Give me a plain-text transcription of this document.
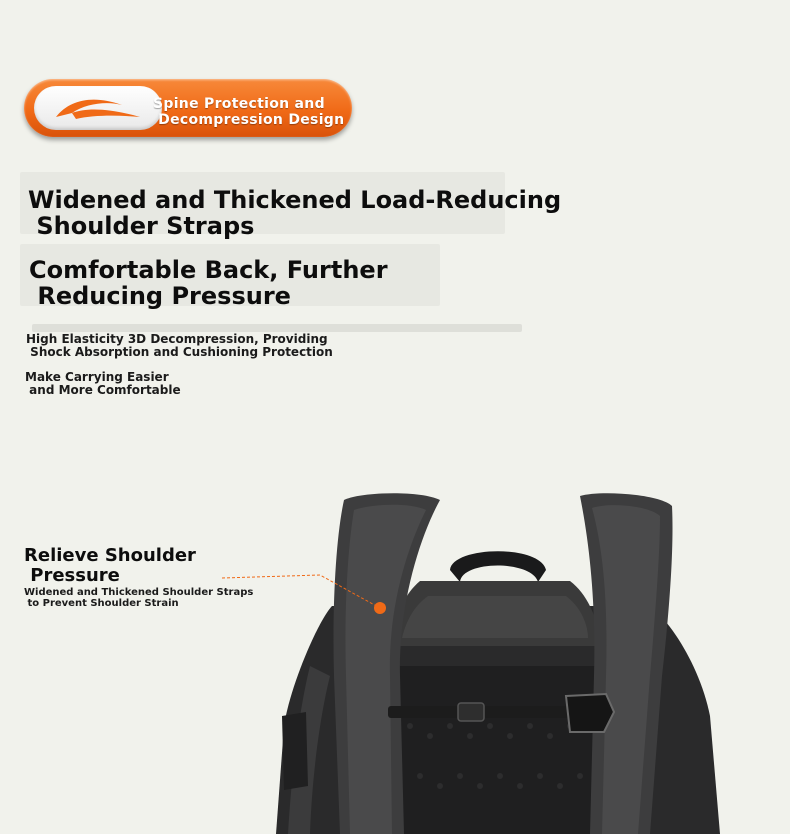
Spine Protection and
Decompression Design
Widened and Thickened Load-Reducing
Shoulder Straps
Comfortable Back, Further
Reducing Pressure

High Elasticity 3D Decompression, Providing
Shock Absorption and Cushioning Protection

Make Carrying Easier
and More Comfortable

Relieve Shoulder
Pressure

Widened and Thickened Shoulder Straps
to Prevent Shoulder Strain
